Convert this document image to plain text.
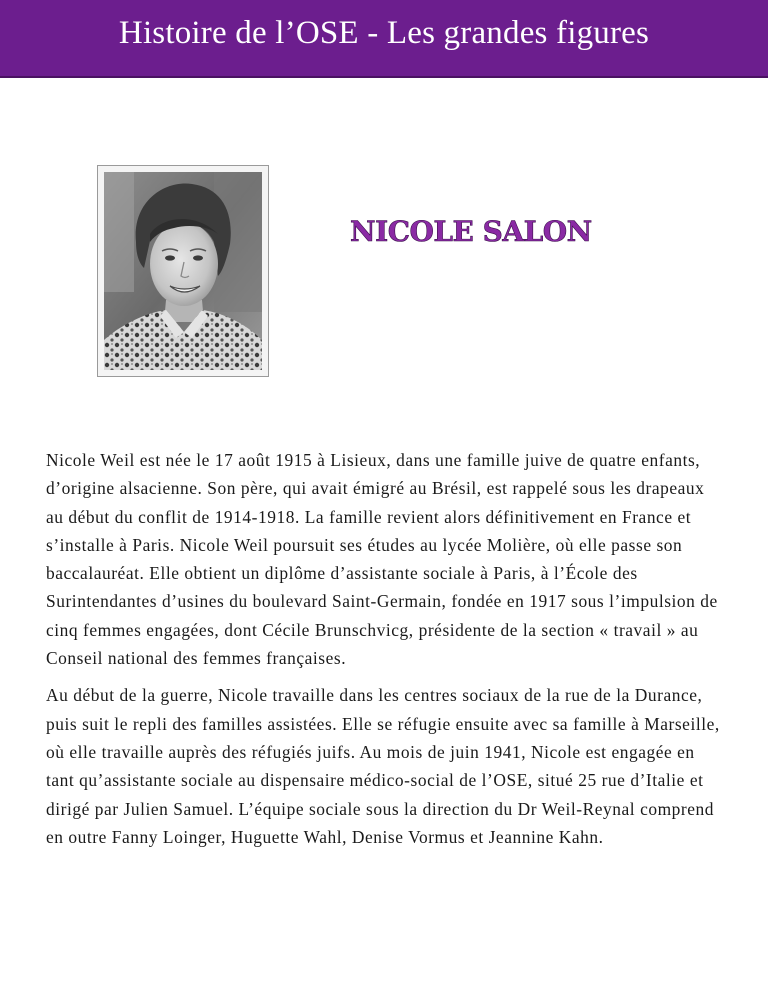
Histoire de l’OSE - Les grandes figures
NICOLE SALON

Nicole Weil est née le 17 août 1915 à Lisieux, dans une famille juive de quatre enfants, d’origine alsacienne. Son père, qui avait émigré au Brésil, est rappelé sous les drapeaux au début du conflit de 1914-1918. La famille revient alors définitivement en France et s’installe à Paris. Nicole Weil poursuit ses études au lycée Molière, où elle passe son baccalauréat. Elle obtient un diplôme d’assistante sociale à Paris, à l’École des Surintendantes d’usines du boulevard Saint-Germain, fondée en 1917 sous l’impulsion de cinq femmes engagées, dont Cécile Brunschvicg, présidente de la section « travail » au Conseil national des femmes françaises.

Au début de la guerre, Nicole travaille dans les centres sociaux de la rue de la Durance, puis suit le repli des familles assistées. Elle se réfugie ensuite avec sa famille à Marseille, où elle travaille auprès des réfugiés juifs. Au mois de juin 1941, Nicole est engagée en tant qu’assistante sociale au dispensaire médico-social de l’OSE, situé 25 rue d’Italie et dirigé par Julien Samuel. L’équipe sociale sous la direction du Dr Weil-Reynal comprend en outre Fanny Loinger, Huguette Wahl, Denise Vormus et Jeannine Kahn.
